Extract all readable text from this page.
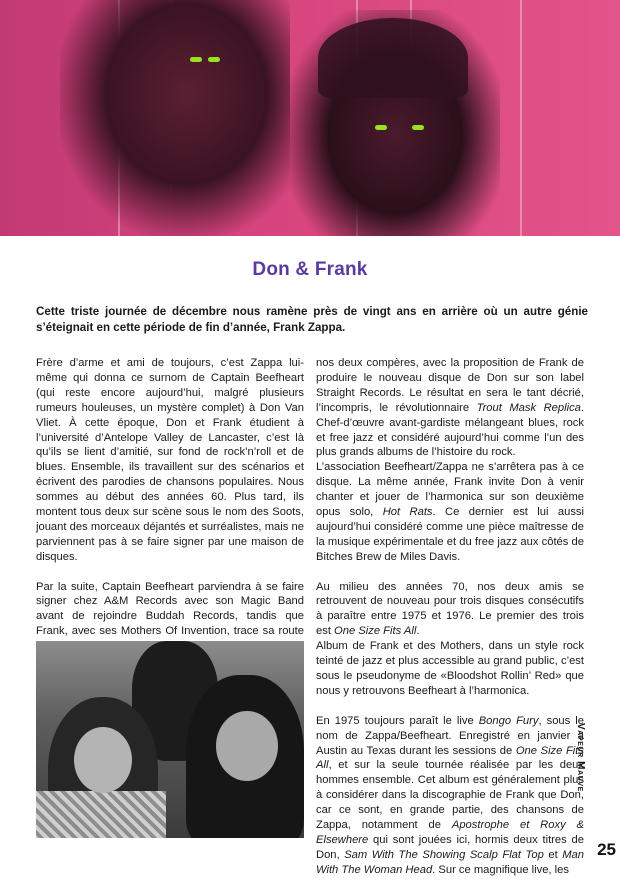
Don & Frank
Cette triste journée de décembre nous ramène près de vingt ans en arrière où un autre génie s’éteignait en cette période de fin d’année, Frank Zappa.

Frère d’arme et ami de toujours, c’est Zappa lui-même qui donna ce surnom de Captain Beefheart (qui reste encore aujourd’hui, malgré plusieurs rumeurs houleuses, un mystère complet) à Don Van Vliet. À cette époque, Don et Frank étudient à l’université d’Antelope Valley de Lancaster, c’est là qu’ils se lient d’amitié, sur fond de rock’n’roll et de blues. Ensemble, ils travaillent sur des scénarios et écrivent des parodies de chansons populaires. Nous sommes au début des années 60. Plus tard, ils montent tous deux sur scène sous le nom des Soots, jouant des morceaux déjantés et surréalistes, mais ne parviennent pas à se faire signer par une maison de disques.

Par la suite, Captain Beefheart parviendra à se faire signer chez A&M Records avec son Magic Band avant de rejoindre Buddah Records, tandis que Frank, avec ses Mothers Of Invention, trace sa route

nos deux compères, avec la proposition de Frank de produire le nouveau disque de Don sur son label Straight Records. Le résultat en sera le tant décrié, l’incompris, le révolutionnaire Trout Mask Replica. Chef-d’œuvre avant-gardiste mélangeant blues, rock et free jazz et considéré aujourd’hui comme l’un des plus grands albums de l’histoire du rock.

L’association Beefheart/Zappa ne s’arrêtera pas à ce disque. La même année, Frank invite Don à venir chanter et jouer de l’harmonica sur son deuxième opus solo, Hot Rats. Ce dernier est lui aussi aujourd’hui considéré comme une pièce maîtresse de la musique expérimentale et du free jazz aux côtés de Bitches Brew de Miles Davis.

Au milieu des années 70, nos deux amis se retrouvent de nouveau pour trois disques consécutifs à paraître entre 1975 et 1976. Le premier des trois est One Size Fits All.

Album de Frank et des Mothers, dans un style rock teinté de jazz et plus accessible au grand public, c’est sous le pseudonyme de «Bloodshot Rollin’ Red» que nous y retrouvons Beefheart à l’harmonica.

En 1975 toujours paraît le live Bongo Fury, sous le nom de Zappa/Beefheart. Enregistré en janvier à Austin au Texas durant les sessions de One Size Fits All, et sur la seule tournée réalisée par les deux hommes ensemble. Cet album est généralement plus à considérer dans la discographie de Frank que Don, car ce sont, en grande partie, des chansons de Zappa, notamment de Apostrophe et Roxy & Elsewhere qui sont jouées ici, hormis deux titres de Don, Sam With The Showing Scalp Flat Top et Man With The Woman Head. Sur ce magnifique live, les

Vapeur Mauve
25
